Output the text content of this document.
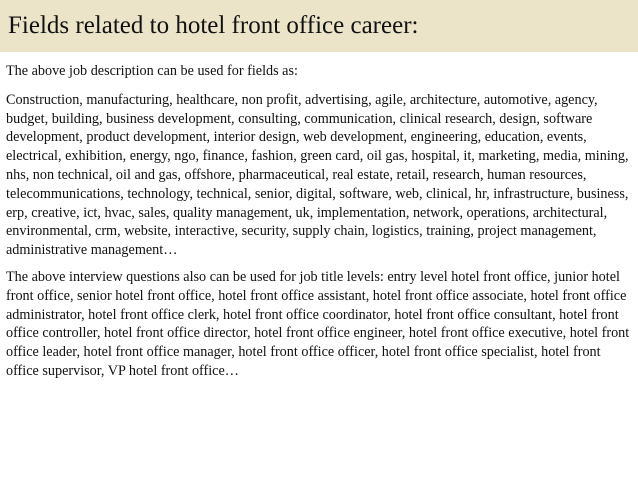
Fields related to hotel front office career:

The above job description can be used for fields as:

Construction, manufacturing, healthcare, non profit, advertising, agile, architecture, automotive, agency, budget, building, business development, consulting, communication, clinical research, design, software development, product development, interior design, web development, engineering, education, events, electrical, exhibition, energy, ngo, finance, fashion, green card, oil gas, hospital, it, marketing, media, mining, nhs, non technical, oil and gas, offshore, pharmaceutical, real estate, retail, research, human resources, telecommunications, technology, technical, senior, digital, software, web, clinical, hr, infrastructure, business, erp, creative, ict, hvac, sales, quality management, uk, implementation, network, operations, architectural, environmental, crm, website, interactive, security, supply chain, logistics, training, project management, administrative management…

The above interview questions also can be used for job title levels: entry level hotel front office, junior hotel front office, senior hotel front office, hotel front office assistant, hotel front office associate, hotel front office administrator, hotel front office clerk, hotel front office coordinator, hotel front office consultant, hotel front office controller, hotel front office director, hotel front office engineer, hotel front office executive, hotel front office leader, hotel front office manager, hotel front office officer, hotel front office specialist, hotel front office supervisor, VP hotel front office…
